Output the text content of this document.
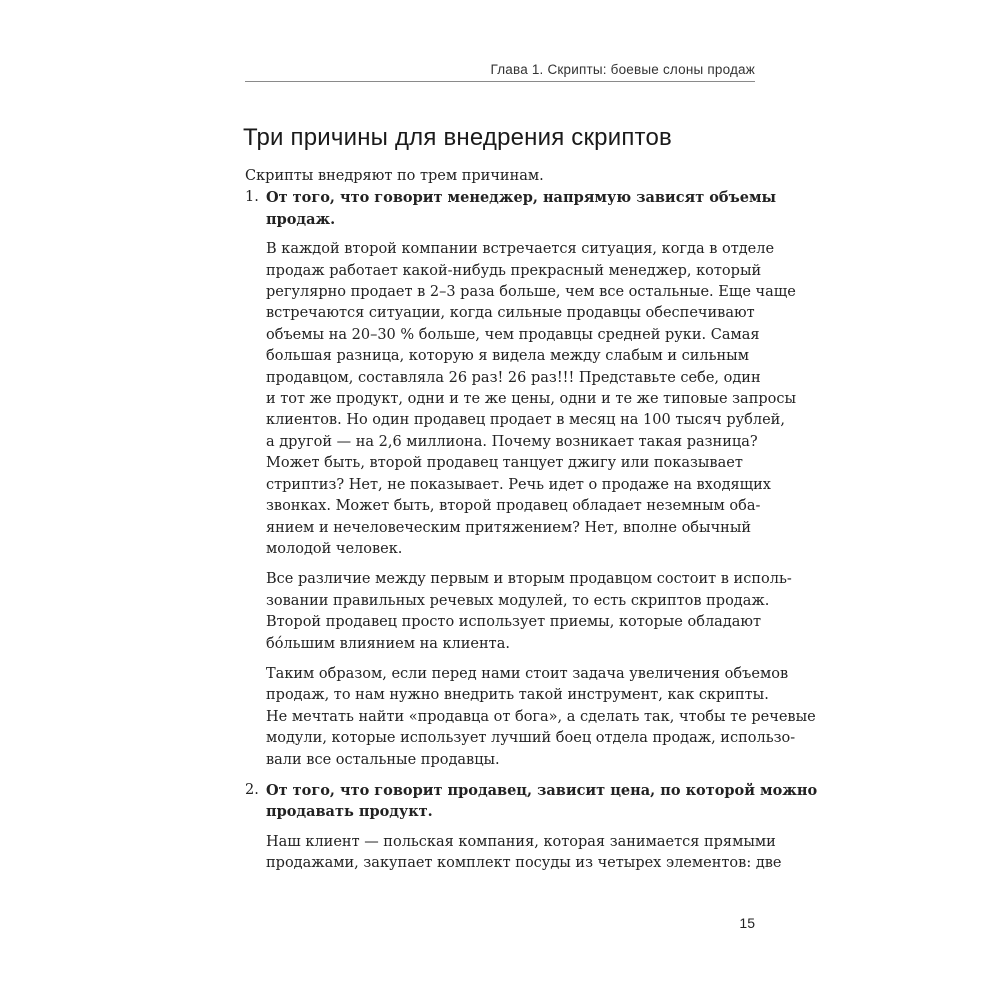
Глава 1. Скрипты: боевые слоны продаж
Три причины для внедрения скриптов

Скрипты внедряют по трем причинам.

1. От того, что говорит менеджер, напрямую зависят объемы
продаж.

В каждой второй компании встречается ситуация, когда в отделе
продаж работает какой-нибудь прекрасный менеджер, который
регулярно продает в 2–3 раза больше, чем все остальные. Еще чаще
встречаются ситуации, когда сильные продавцы обеспечивают
объемы на 20–30 % больше, чем продавцы средней руки. Самая
большая разница, которую я видела между слабым и сильным
продавцом, составляла 26 раз! 26 раз!!! Представьте себе, один
и тот же продукт, одни и те же цены, одни и те же типовые запросы
клиентов. Но один продавец продает в месяц на 100 тысяч рублей,
а другой — на 2,6 миллиона. Почему возникает такая разница?
Может быть, второй продавец танцует джигу или показывает
стриптиз? Нет, не показывает. Речь идет о продаже на входящих
звонках. Может быть, второй продавец обладает неземным оба-
янием и нечеловеческим притяжением? Нет, вполне обычный
молодой человек.

Все различие между первым и вторым продавцом состоит в исполь-
зовании правильных речевых модулей, то есть скриптов продаж.
Второй продавец просто использует приемы, которые обладают
бóльшим влиянием на клиента.

Таким образом, если перед нами стоит задача увеличения объемов
продаж, то нам нужно внедрить такой инструмент, как скрипты.
Не мечтать найти «продавца от бога», а сделать так, чтобы те речевые
модули, которые использует лучший боец отдела продаж, использо-
вали все остальные продавцы.

2. От того, что говорит продавец, зависит цена, по которой можно
продавать продукт.

Наш клиент — польская компания, которая занимается прямыми
продажами, закупает комплект посуды из четырех элементов: две

15
